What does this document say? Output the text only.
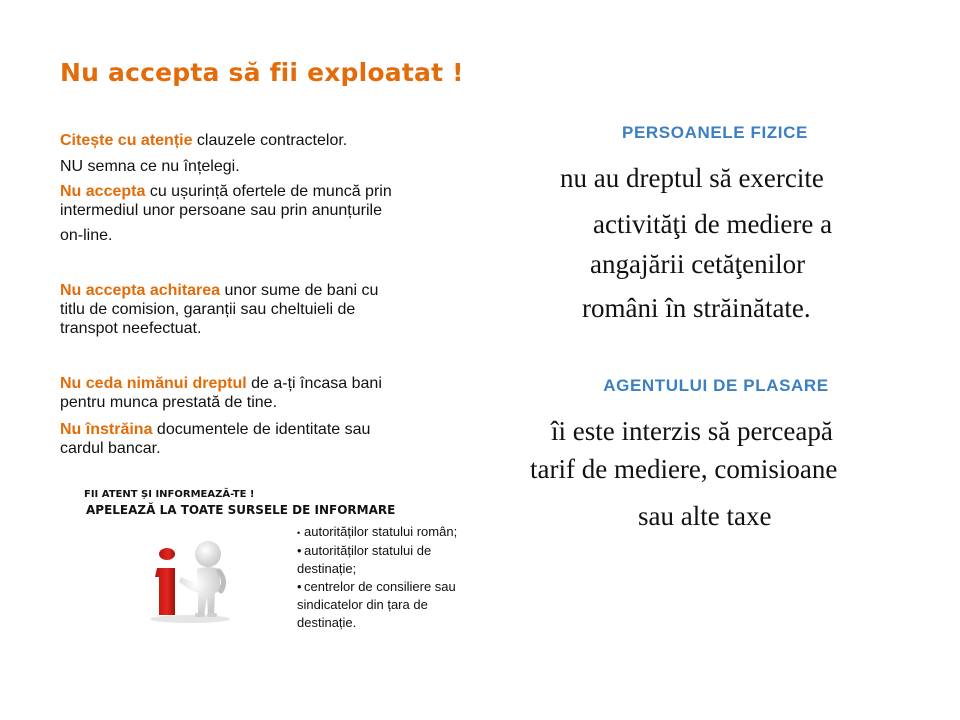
Nu accepta să fii exploatat !
Citește cu atenție clauzele contractelor.
NU semna ce nu înțelegi.
Nu accepta cu ușurință ofertele de muncă prin
intermediul unor persoane sau prin anunțurile
on-line.
Nu accepta achitarea unor sume de bani cu
titlu de comision, garanții sau cheltuieli de
transpot neefectuat.
Nu ceda nimănui dreptul de a-ți încasa bani
pentru munca prestată de tine.
Nu înstrăina documentele de identitate sau
cardul bancar.
FII ATENT ȘI INFORMEAZĂ-TE !
APELEAZĂ LA TOATE SURSELE DE INFORMARE
• autorităților statului român;
• autorităților statului de
destinație;
• centrelor de consiliere sau
sindicatelor din țara de
destinație.
PERSOANELE FIZICE
nu au dreptul să exercite
activităţi de mediere a
angajării cetăţenilor
români în străinătate.
AGENTULUI DE PLASARE
îi este interzis să perceapă
tarif de mediere, comisioane
sau alte taxe
